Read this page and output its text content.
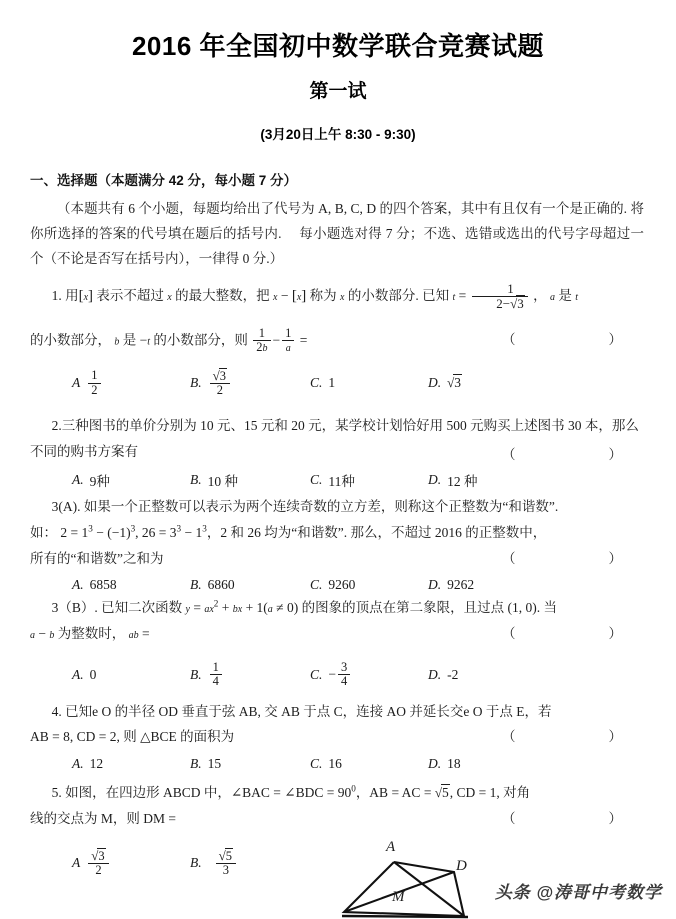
2016 年全国初中数学联合竞赛试题
第一试
(3月20日上午 8:30 - 9:30)
一、选择题（本题满分 42 分，每小题 7 分）
（本题共有 6 个小题，每题均给出了代号为 A, B, C, D 的四个答案，其中有且仅有一个是正确的. 将你所选择的答案的代号填在题后的括号内.　 每小题选对得 7 分；不选、选错或选出的代号字母超过一个（不论是否写在括号内），一律得 0 分.）
1. 用[x] 表示不超过 x 的最大整数，把 x − [x] 称为 x 的小数部分. 已知 $t = \frac{1}{2-√3}$ ， a 是 t
的小数部分， b 是 −t 的小数部分，则 $\frac{1}{2b} - \frac{1}{a}$ =	（　　）
A $\frac{1}{2}$	B. $\frac{√3}{2}$	C. 1	D. √3
2.三种图书的单价分别为 10 元、15 元和 20 元，某学校计划恰好用 500 元购买上述图书 30 本，那么不同的购书方案有	（　　）
A. 9种	B. 10 种	C. 11种	D. 12 种
3(A). 如果一个正整数可以表示为两个连续奇数的立方差，则称这个正整数为“和谐数”.
如： $2 = 1^3 - (-1)^3$, $26 = 3^3 - 1^3$，2 和 26 均为“和谐数”. 那么，不超过 2016 的正整数中，
所有的“和谐数”之和为	（　　）
A. 6858	B. 6860	C. 9260	D. 9262
3（B）. 已知二次函数 $y = ax^2$ + bx + 1(a ≠ 0) 的图象的顶点在第二象限，且过点 (1, 0). 当
a − b 为整数时， ab =	（　　）
A. 0	B. $\frac{1}{4}$	C. − $\frac{3}{4}$	D. -2
4. 已知e O 的半径 OD 垂直于弦 AB, 交 AB 于点 C，连接 AO 并延长交e O 于点 E，若
AB = 8, CD = 2, 则 △BCE 的面积为	（　　）
A. 12	B. 15	C. 16	D. 18
5. 如图，在四边形 ABCD 中，∠BAC = ∠BDC = $90^0$，AB = AC = √5, CD = 1, 对角
线的交点为 M，则 DM =	（　　）
A $\frac{√3}{2}$	B. $\frac{√5}{3}$
A
D
M	头条 @涛哥中考数学
